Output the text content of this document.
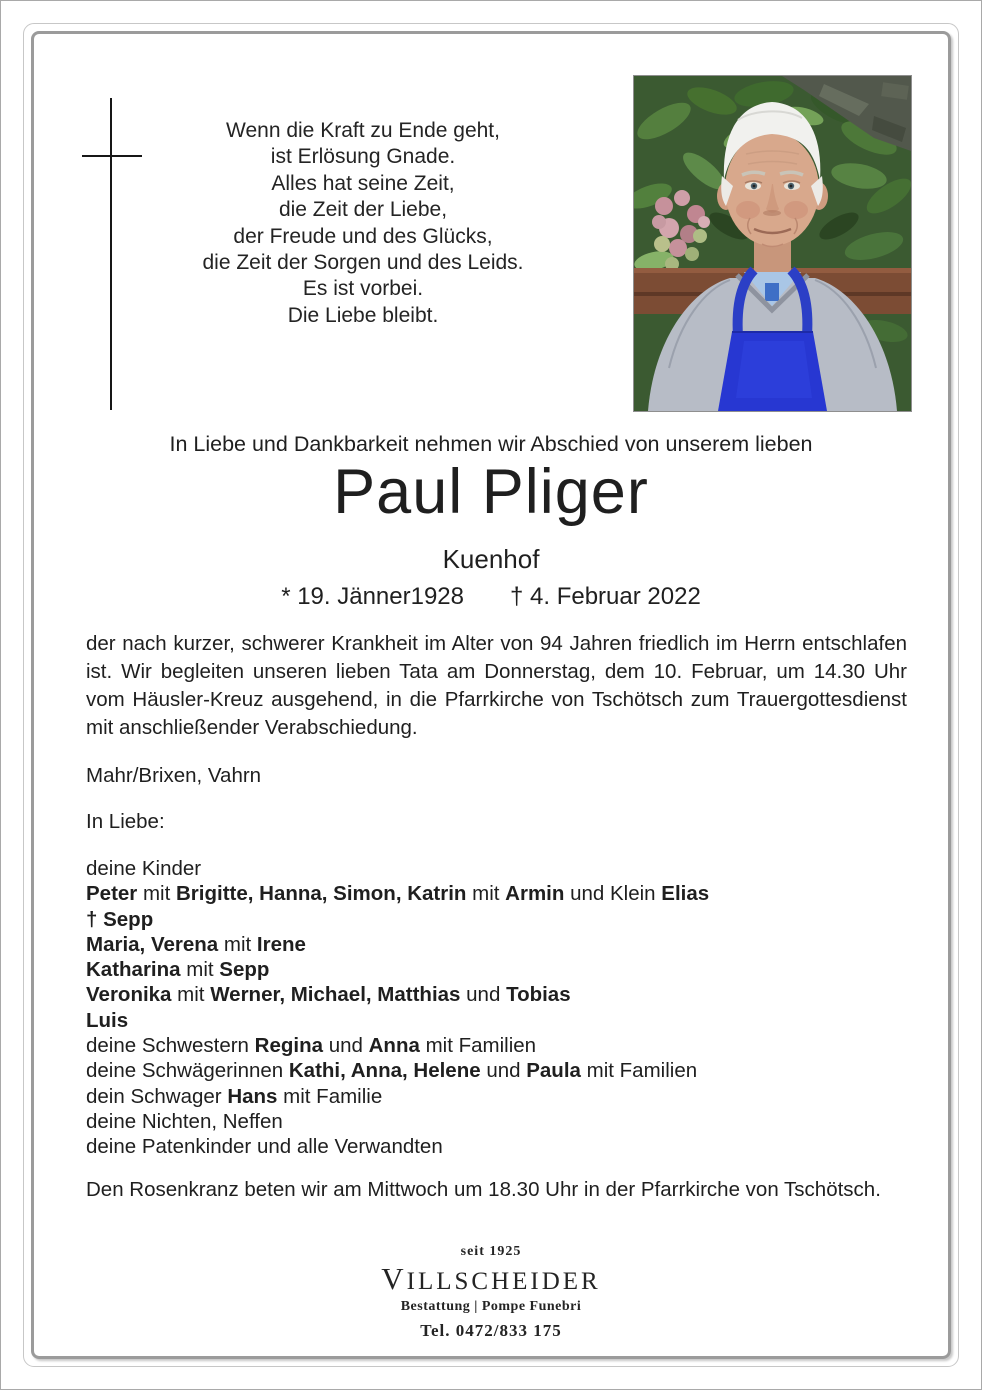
Wenn die Kraft zu Ende geht,
ist Erlösung Gnade.
Alles hat seine Zeit,
die Zeit der Liebe,
der Freude und des Glücks,
die Zeit der Sorgen und des Leids.
Es ist vorbei.
Die Liebe bleibt.
In Liebe und Dankbarkeit nehmen wir Abschied von unserem lieben
Paul Pliger
Kuenhof
* 19. Jänner1928 † 4. Februar 2022
der nach kurzer, schwerer Krankheit im Alter von 94 Jahren friedlich im Herrn entschlafen ist. Wir begleiten unseren lieben Tata am Donnerstag, dem 10. Februar, um 14.30 Uhr vom Häusler-Kreuz ausgehend, in die Pfarrkirche von Tschötsch zum Trauergottesdienst mit anschließender Verabschiedung.
Mahr/Brixen, Vahrn
In Liebe:
deine Kinder
Peter mit Brigitte, Hanna, Simon, Katrin mit Armin und Klein Elias
† Sepp
Maria, Verena mit Irene
Katharina mit Sepp
Veronika mit Werner, Michael, Matthias und Tobias
Luis
deine Schwestern Regina und Anna mit Familien
deine Schwägerinnen Kathi, Anna, Helene und Paula mit Familien
dein Schwager Hans mit Familie
deine Nichten, Neffen
deine Patenkinder und alle Verwandten
Den Rosenkranz beten wir am Mittwoch um 18.30 Uhr in der Pfarrkirche von Tschötsch.
seit 1925
VILLSCHEIDER
Bestattung | Pompe Funebri
Tel. 0472/833 175
